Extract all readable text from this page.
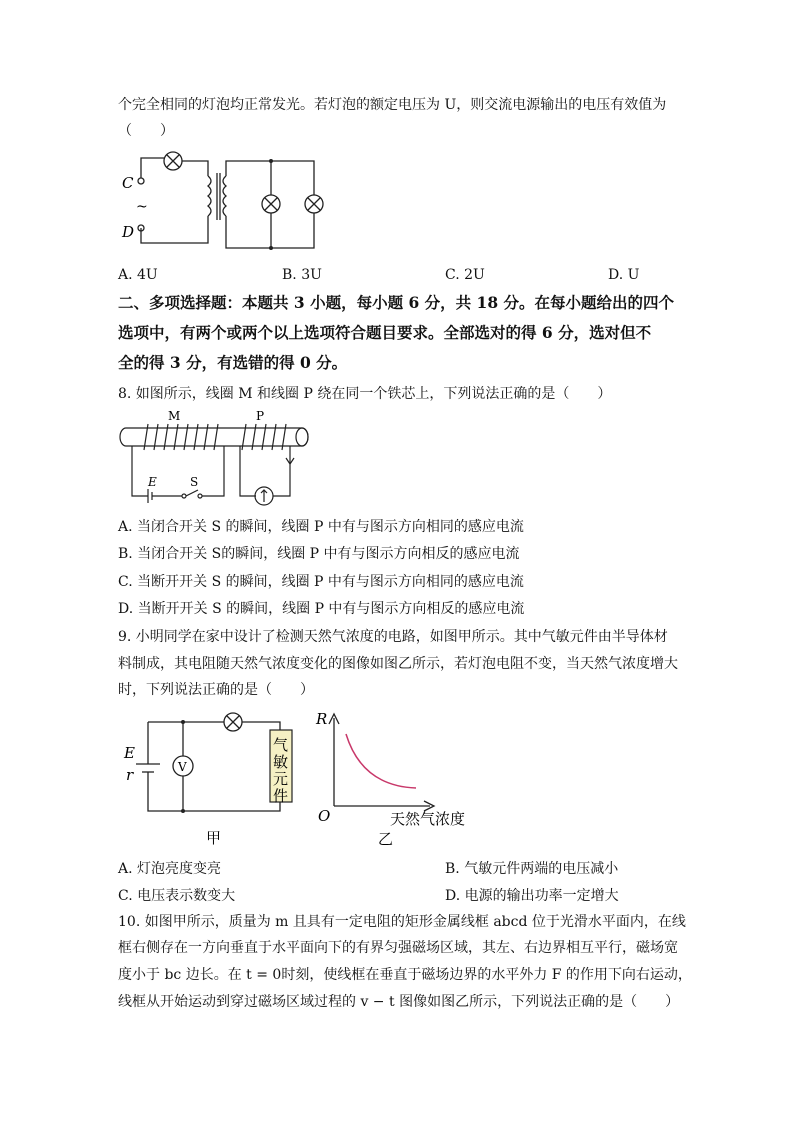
个完全相同的灯泡均正常发光。若灯泡的额定电压为 U，则交流电源输出的电压有效值为
（　　）
C
D
~
A. 4U	B. 3U	C. 2U	D. U
二、多项选择题：本题共 3 小题，每小题 6 分，共 18 分。在每小题给出的四个
选项中，有两个或两个以上选项符合题目要求。全部选对的得 6 分，选对但不
全的得 3 分，有选错的得 0 分。
8. 如图所示，线圈 M 和线圈 P 绕在同一个铁芯上，下列说法正确的是（　　）
M	P
E	S
A. 当闭合开关 S 的瞬间，线圈 P 中有与图示方向相同的感应电流
B. 当闭合开关 S的瞬间，线圈 P 中有与图示方向相反的感应电流
C. 当断开开关 S 的瞬间，线圈 P 中有与图示方向相同的感应电流
D. 当断开开关 S 的瞬间，线圈 P 中有与图示方向相反的感应电流
9. 小明同学在家中设计了检测天然气浓度的电路，如图甲所示。其中气敏元件由半导体材
料制成，其电阻随天然气浓度变化的图像如图乙所示，若灯泡电阻不变，当天然气浓度增大
时，下列说法正确的是（　　）
V
E
r
气
敏
元
件
甲
R
O	天然气浓度
乙
A. 灯泡亮度变亮	B. 气敏元件两端的电压减小
C. 电压表示数变大	D. 电源的输出功率一定增大
10. 如图甲所示，质量为 m 且具有一定电阻的矩形金属线框 abcd 位于光滑水平面内，在线
框右侧存在一方向垂直于水平面向下的有界匀强磁场区域，其左、右边界相互平行，磁场宽
度小于 bc 边长。在 t = 0时刻，使线框在垂直于磁场边界的水平外力 F 的作用下向右运动，
线框从开始运动到穿过磁场区域过程的 v − t 图像如图乙所示，下列说法正确的是（　　）
